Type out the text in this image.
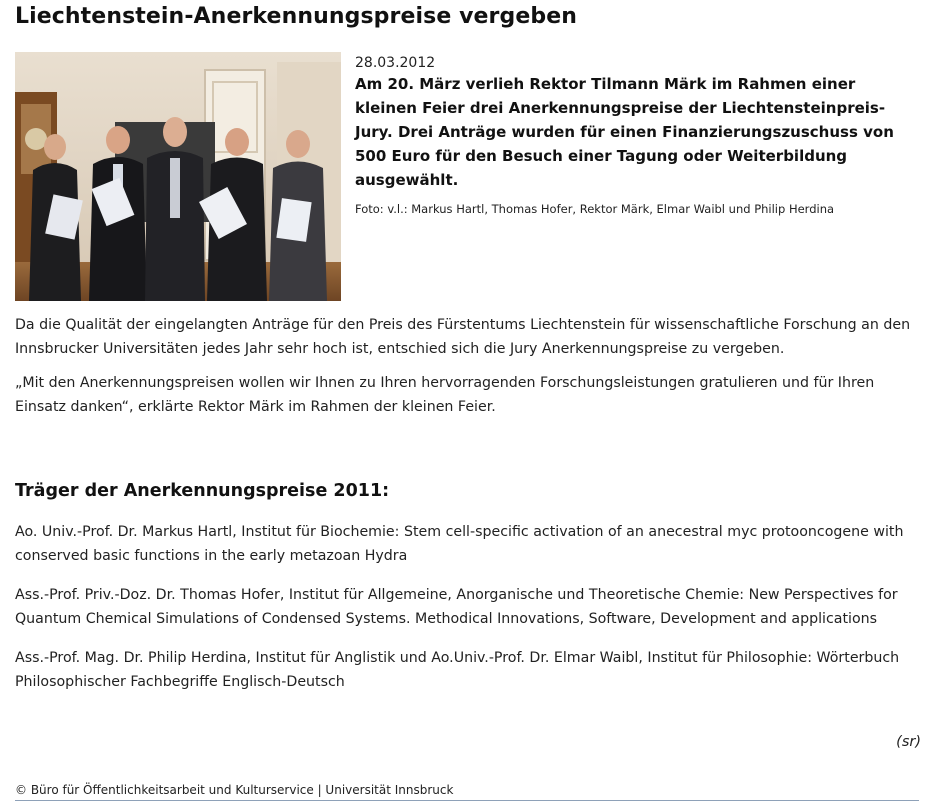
Liechtenstein-Anerkennungspreise vergeben
28.03.2012

Am 20. März verlieh Rektor Tilmann Märk im Rahmen einer kleinen Feier drei Anerkennungspreise der Liechtensteinpreis-Jury. Drei Anträge wurden für einen Finanzierungszuschuss von 500 Euro für den Besuch einer Tagung oder Weiterbildung ausgewählt.

Foto: v.l.: Markus Hartl, Thomas Hofer, Rektor Märk, Elmar Waibl und Philip Herdina

Da die Qualität der eingelangten Anträge für den Preis des Fürstentums Liechtenstein für wissenschaftliche Forschung an den Innsbrucker Universitäten jedes Jahr sehr hoch ist, entschied sich die Jury Anerkennungspreise zu vergeben.

„Mit den Anerkennungspreisen wollen wir Ihnen zu Ihren hervorragenden Forschungsleistungen gratulieren und für Ihren Einsatz danken“, erklärte Rektor Märk im Rahmen der kleinen Feier.

Träger der Anerkennungspreise 2011:

Ao. Univ.-Prof. Dr. Markus Hartl, Institut für Biochemie: Stem cell-specific activation of an anecestral myc protooncogene with conserved basic functions in the early metazoan Hydra

Ass.-Prof. Priv.-Doz. Dr. Thomas Hofer, Institut für Allgemeine, Anorganische und Theoretische Chemie: New Perspectives for Quantum Chemical Simulations of Condensed Systems. Methodical Innovations, Software, Development and applications

Ass.-Prof. Mag. Dr. Philip Herdina, Institut für Anglistik und Ao.Univ.-Prof. Dr. Elmar Waibl, Institut für Philosophie: Wörterbuch Philosophischer Fachbegriffe Englisch-Deutsch

(sr)
© Büro für Öffentlichkeitsarbeit und Kulturservice | Universität Innsbruck
